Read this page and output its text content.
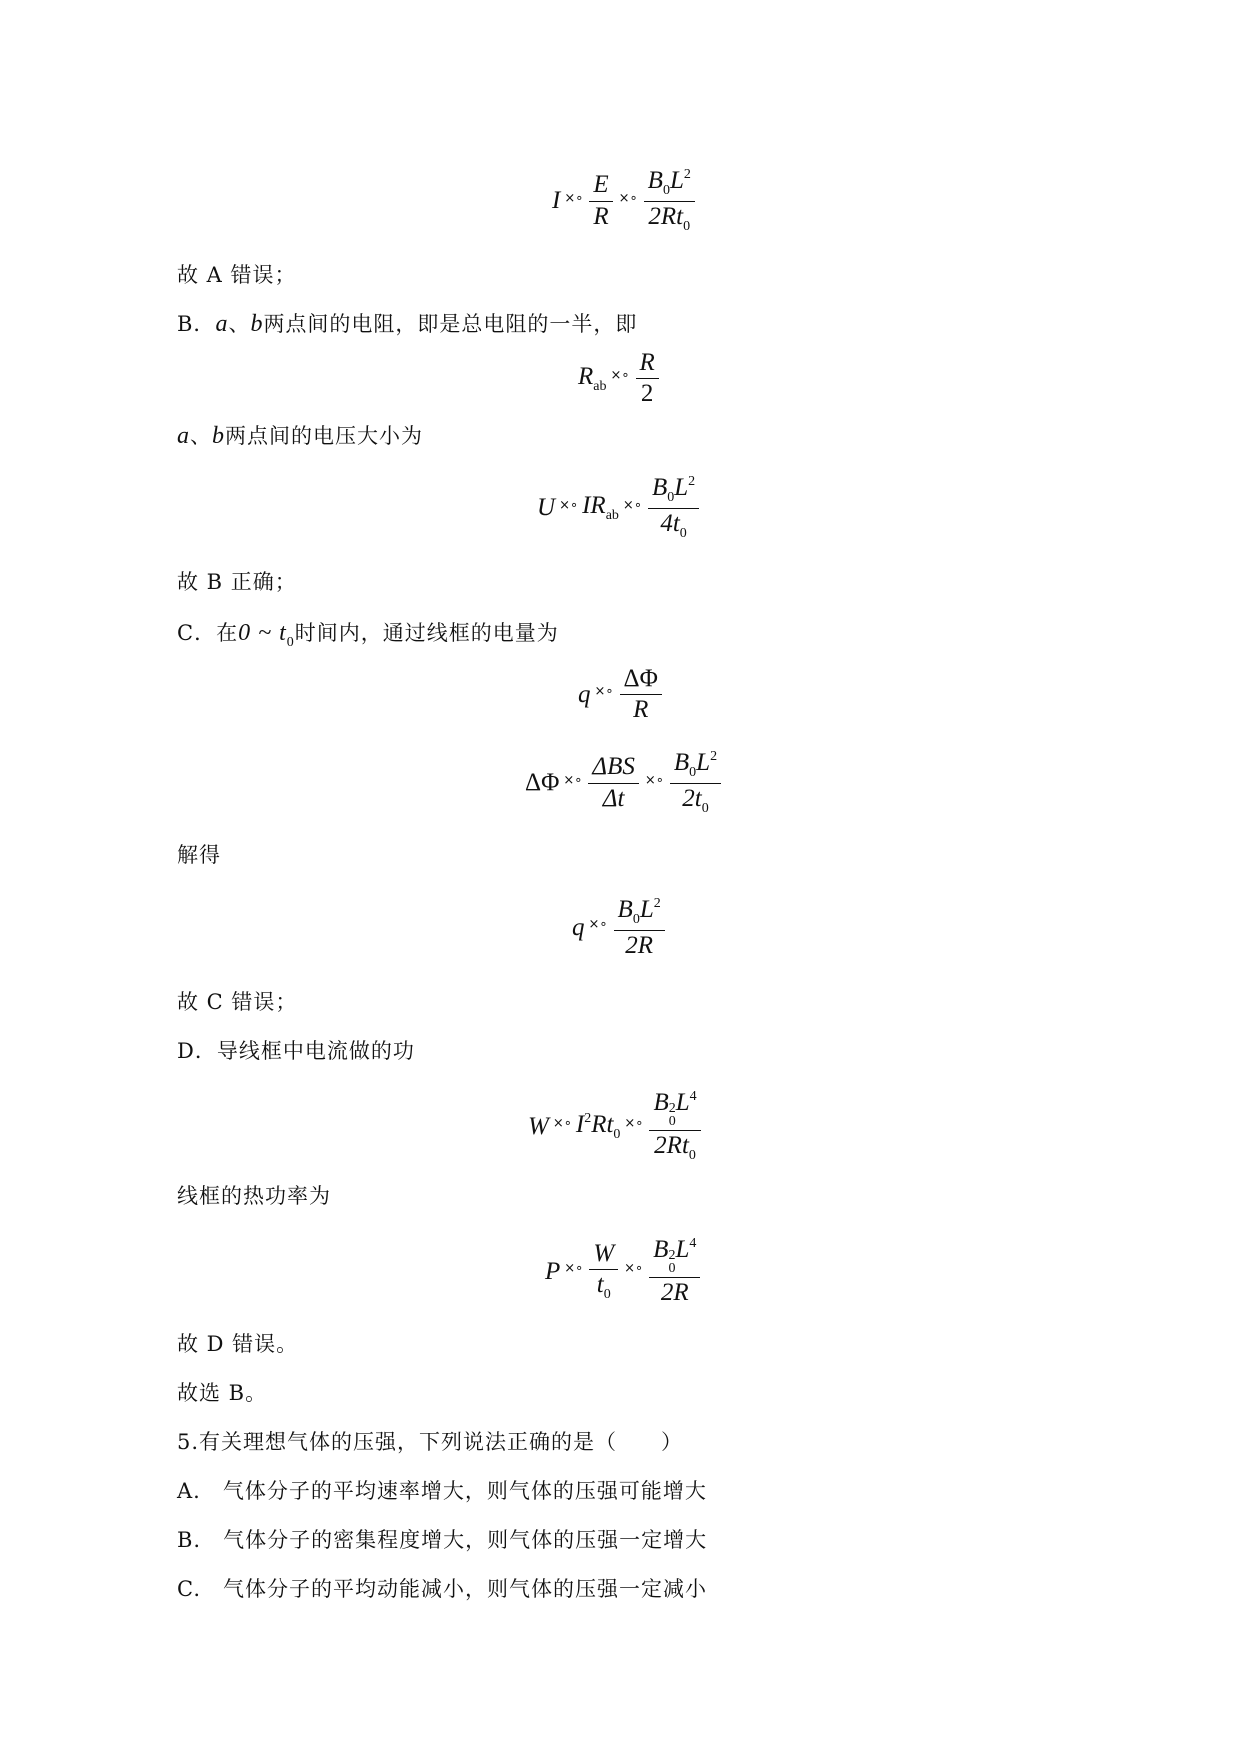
I ×∘ $\frac{E}{R}$ ×∘ $\frac{B_0L^2}{2Rt_0}$
故 A 错误；
B．a、b两点间的电阻，即是总电阻的一半，即
$R_{ab}$
×∘ $\frac{R}{2}$
a、b两点间的电压大小为
U ×∘ $IR_{ab}$
×∘ $\frac{B_0L^2}{4t_0}$
故 B 正确；
C．在0 ~ $t_0$时间内，通过线框的电量为
q ×∘ $\frac{\Delta\Phi}{R}$
ΔΦ ×∘ $\frac{\text{ΔBS}}{\Delta t}$ ×∘ $\frac{B_0L^2}{2t_0}$
解得
q ×∘ $\frac{B_0L^2}{2R}$
故 C 错误；
D．导线框中电流做的功
W ×∘ $I^2Rt_0$
×∘ B 2
0
$L^4$
$2Rt_0$
线框的热功率为
P ×∘ $\frac{W}{t_0}$ ×∘ B 2
0
$L^4$
2R
故 D 错误。
故选 B。
5.有关理想气体的压强，下列说法正确的是（　　）
A.　气体分子的平均速率增大，则气体的压强可能增大
B.　气体分子的密集程度增大，则气体的压强一定增大
C.　气体分子的平均动能减小，则气体的压强一定减小
